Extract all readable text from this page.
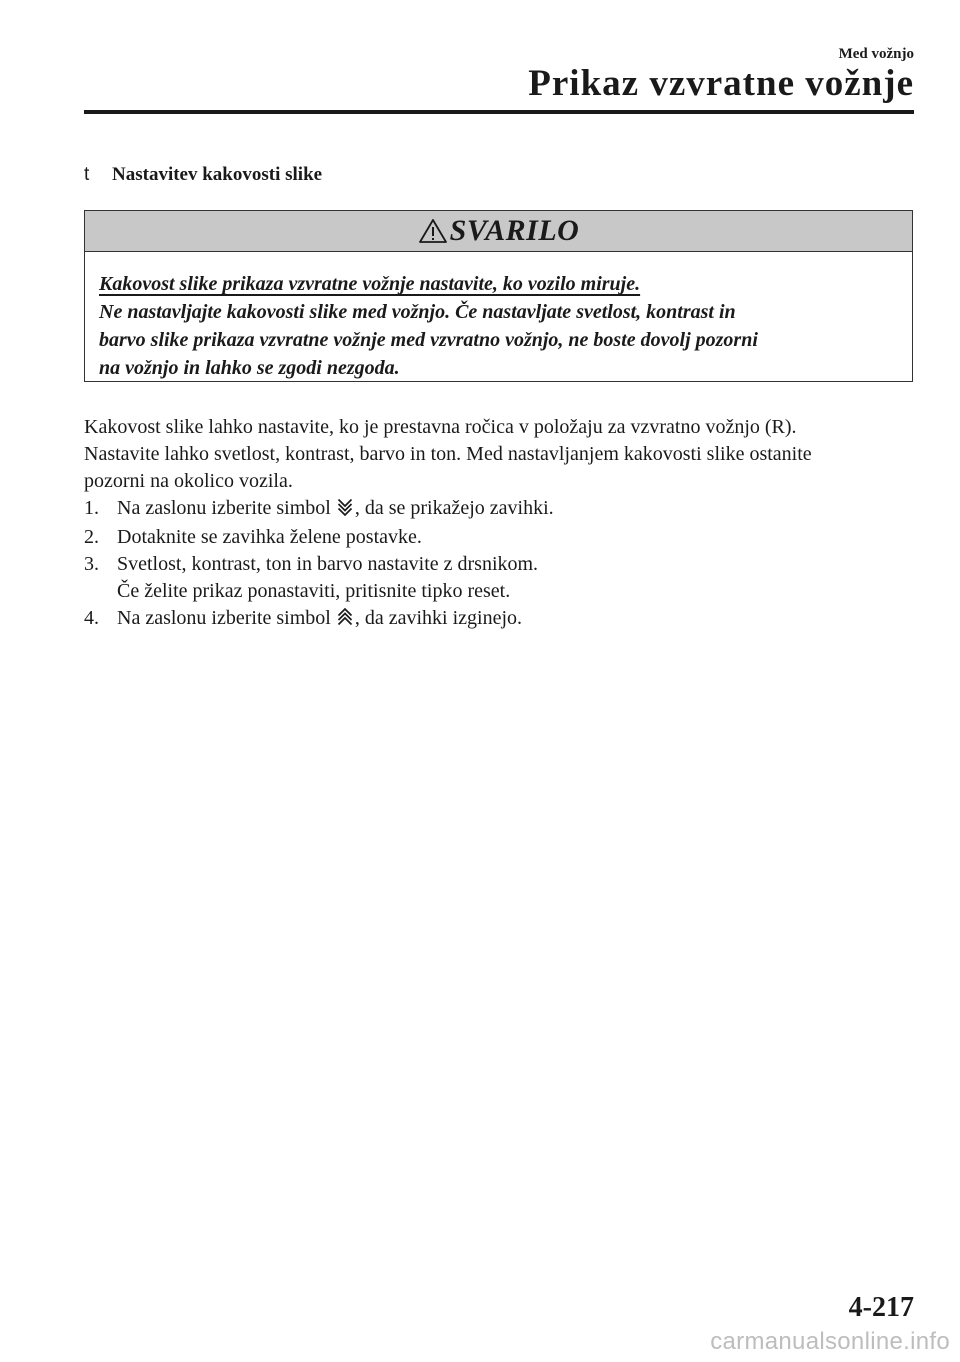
Med vožnjo
Prikaz vzvratne vožnje
t Nastavitev kakovosti slike
SVARILO
Kakovost slike prikaza vzvratne vožnje nastavite, ko vozilo miruje.
Ne nastavljajte kakovosti slike med vožnjo. Če nastavljate svetlost, kontrast in
barvo slike prikaza vzvratne vožnje med vzvratno vožnjo, ne boste dovolj pozorni
na vožnjo in lahko se zgodi nezgoda.
Kakovost slike lahko nastavite, ko je prestavna ročica v položaju za vzvratno vožnjo (R).
Nastavite lahko svetlost, kontrast, barvo in ton. Med nastavljanjem kakovosti slike ostanite
pozorni na okolico vozila.
1. Na zaslonu izberite simbol , da se prikažejo zavihki.
2. Dotaknite se zavihka želene postavke.
3. Svetlost, kontrast, ton in barvo nastavite z drsnikom.
Če želite prikaz ponastaviti, pritisnite tipko reset.
4. Na zaslonu izberite simbol , da zavihki izginejo.
4-217
carmanualsonline.info
